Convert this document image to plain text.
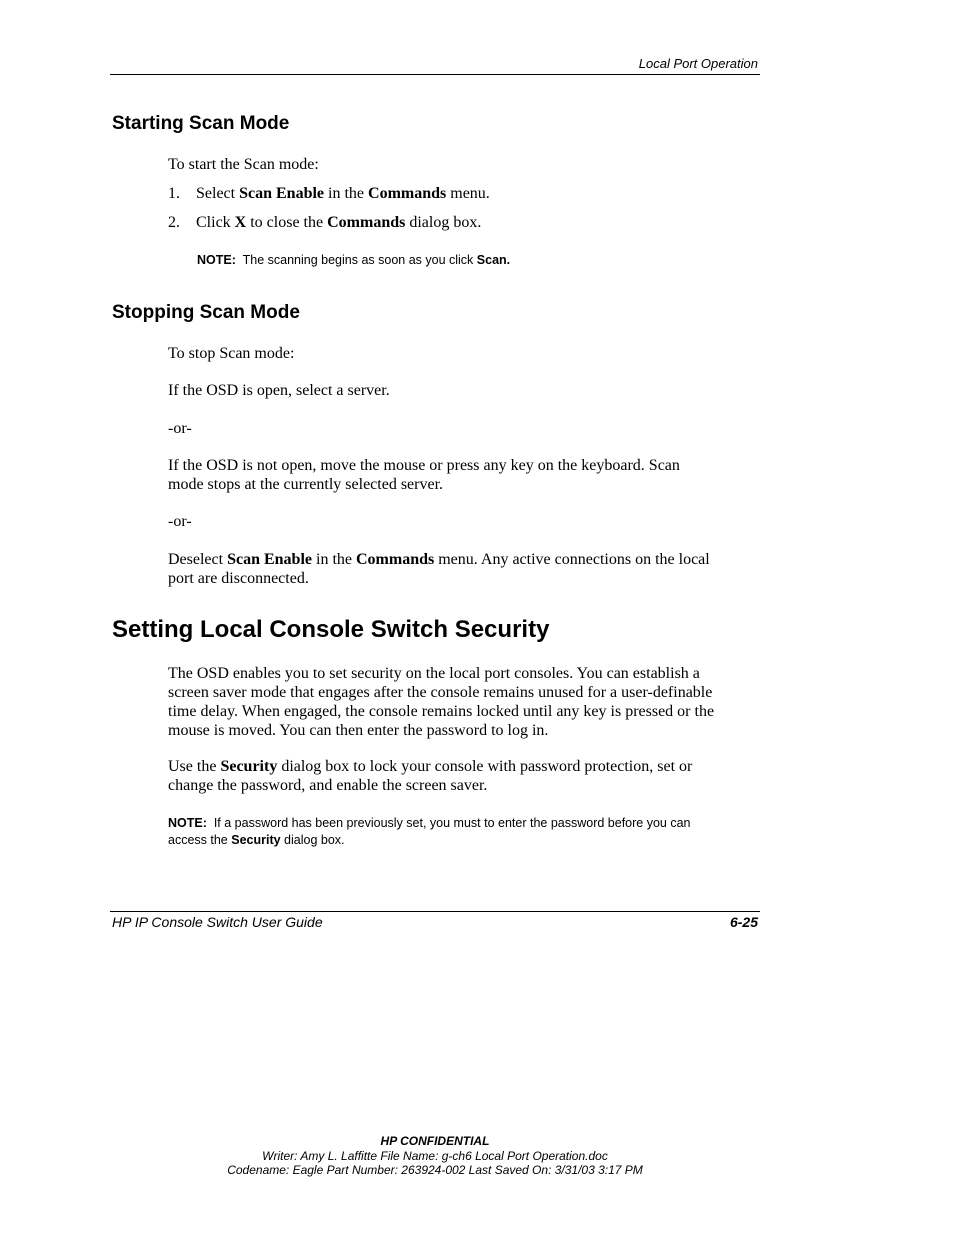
Local Port Operation
Starting Scan Mode
To start the Scan mode:
1. Select Scan Enable in the Commands menu.
2. Click X to close the Commands dialog box.
NOTE:  The scanning begins as soon as you click Scan.
Stopping Scan Mode
To stop Scan mode:
If the OSD is open, select a server.
-or-
If the OSD is not open, move the mouse or press any key on the keyboard. Scan
mode stops at the currently selected server.
-or-
Deselect Scan Enable in the Commands menu. Any active connections on the local
port are disconnected.
Setting Local Console Switch Security
The OSD enables you to set security on the local port consoles. You can establish a
screen saver mode that engages after the console remains unused for a user-definable
time delay. When engaged, the console remains locked until any key is pressed or the
mouse is moved. You can then enter the password to log in.
Use the Security dialog box to lock your console with password protection, set or
change the password, and enable the screen saver.
NOTE:  If a password has been previously set, you must to enter the password before you can
access the Security dialog box.
HP IP Console Switch User Guide	6-25
HP CONFIDENTIAL
Writer: Amy L. Laffitte File Name: g-ch6 Local Port Operation.doc
Codename: Eagle Part Number: 263924-002 Last Saved On: 3/31/03 3:17 PM
